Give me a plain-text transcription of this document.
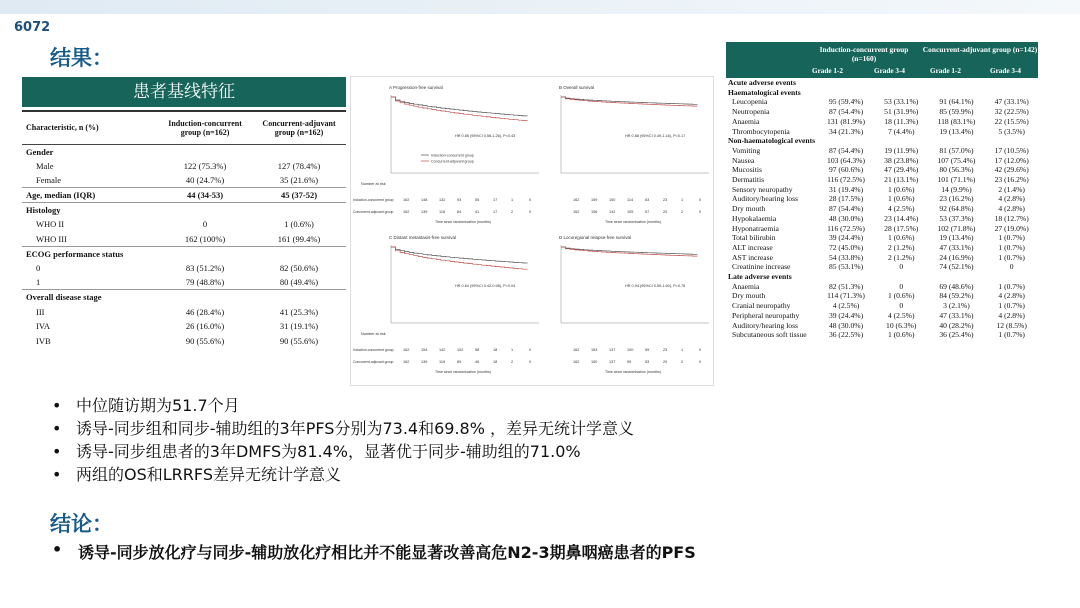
6072
结果：
患者基线特征
Characteristic, n (%)	Induction-concurrent group (n=162)	Concurrent-adjuvant group (n=162)
Gender		
Male	122 (75.3%)	127 (78.4%)
Female	40 (24.7%)	35 (21.6%)
Age, median (IQR)	44 (34-53)	45 (37-52)
Histology		
WHO II	0	1 (0.6%)
WHO III	162 (100%)	161 (99.4%)
ECOG performance status		
0	83 (51.2%)	82 (50.6%)
1	79 (48.8%)	80 (49.4%)
Overall disease stage		
III	46 (28.4%)	41 (25.3%)
IVA	26 (16.0%)	31 (19.1%)
IVB	90 (55.6%)	90 (55.6%)
A Progression-free survival
HR 0.85 (95%CI 0.58-1.26), P=0.43
Induction-concurrent group
Concurrent-adjuvant group
Number at risk
Induction-concurrent group
Concurrent-adjuvant group
162	148	132	93	55	17	1	0
162	139	118	84	41	17	2	0
Time since randomisation (months)
B Overall survival
HR 0.88 (95%CI 0.49-1.16), P=0.17
162	159	150	114	63	23	1	0
162	156	142	105	57	20	2	0
Time since randomisation (months)
C Distant metastasis-free survival
HR 0.64 (95%CI 0.42-0.98), P=0.04
Number at risk
Induction-concurrent group
Concurrent-adjuvant group
162	154	142	102	58	18	1	0
162	139	119	89	46	18	2	0
Time since randomisation (months)
D Locoregional relapse-free survival
HR 0.94 (95%CI 0.59-1.60), P=0.78
162	153	137	100	59	23	1	0
162	150	137	99	53	20	2	0
Time since randomisation (months)
Induction-concurrent group (n=160)
Concurrent-adjuvant group (n=142)
Grade 1-2	Grade 3-4	Grade 1-2	Grade 3-4
Acute adverse events				
Haematological events				
Leucopenia	95 (59.4%)	53 (33.1%)	91 (64.1%)	47 (33.1%)
Neutropenia	87 (54.4%)	51 (31.9%)	85 (59.9%)	32 (22.5%)
Anaemia	131 (81.9%)	18 (11.3%)	118 (83.1%)	22 (15.5%)
Thrombocytopenia	34 (21.3%)	7 (4.4%)	19 (13.4%)	5 (3.5%)
Non-haematological events				
Vomiting	87 (54.4%)	19 (11.9%)	81 (57.0%)	17 (10.5%)
Nausea	103 (64.3%)	38 (23.8%)	107 (75.4%)	17 (12.0%)
Mucositis	97 (60.6%)	47 (29.4%)	80 (56.3%)	42 (29.6%)
Dermatitis	116 (72.5%)	21 (13.1%)	101 (71.1%)	23 (16.2%)
Sensory neuropathy	31 (19.4%)	1 (0.6%)	14 (9.9%)	2 (1.4%)
Auditory/hearing loss	28 (17.5%)	1 (0.6%)	23 (16.2%)	4 (2.8%)
Dry mouth	87 (54.4%)	4 (2.5%)	92 (64.8%)	4 (2.8%)
Hypokalaemia	48 (30.0%)	23 (14.4%)	53 (37.3%)	18 (12.7%)
Hyponatraemia	116 (72.5%)	28 (17.5%)	102 (71.8%)	27 (19.0%)
Total bilirubin	39 (24.4%)	1 (0.6%)	19 (13.4%)	1 (0.7%)
ALT increase	72 (45.0%)	2 (1.2%)	47 (33.1%)	1 (0.7%)
AST increase	54 (33.8%)	2 (1.2%)	24 (16.9%)	1 (0.7%)
Creatinine increase	85 (53.1%)	0	74 (52.1%)	0
Late adverse events				
Anaemia	82 (51.3%)	0	69 (48.6%)	1 (0.7%)
Dry mouth	114 (71.3%)	1 (0.6%)	84 (59.2%)	4 (2.8%)
Cranial neuropathy	4 (2.5%)	0	3 (2.1%)	1 (0.7%)
Peripheral neuropathy	39 (24.4%)	4 (2.5%)	47 (33.1%)	4 (2.8%)
Auditory/hearing loss	48 (30.0%)	10 (6.3%)	40 (28.2%)	12 (8.5%)
Subcutaneous soft tissue	36 (22.5%)	1 (0.6%)	36 (25.4%)	1 (0.7%)
• 中位随访期为51.7个月
• 诱导-同步组和同步-辅助组的3年PFS分别为73.4和69.8% ，差异无统计学意义
• 诱导-同步组患者的3年DMFS为81.4%，显著优于同步-辅助组的71.0%
• 两组的OS和LRRFS差异无统计学意义
结论：
• 诱导-同步放化疗与同步-辅助放化疗相比并不能显著改善高危N2-3期鼻咽癌患者的PFS
